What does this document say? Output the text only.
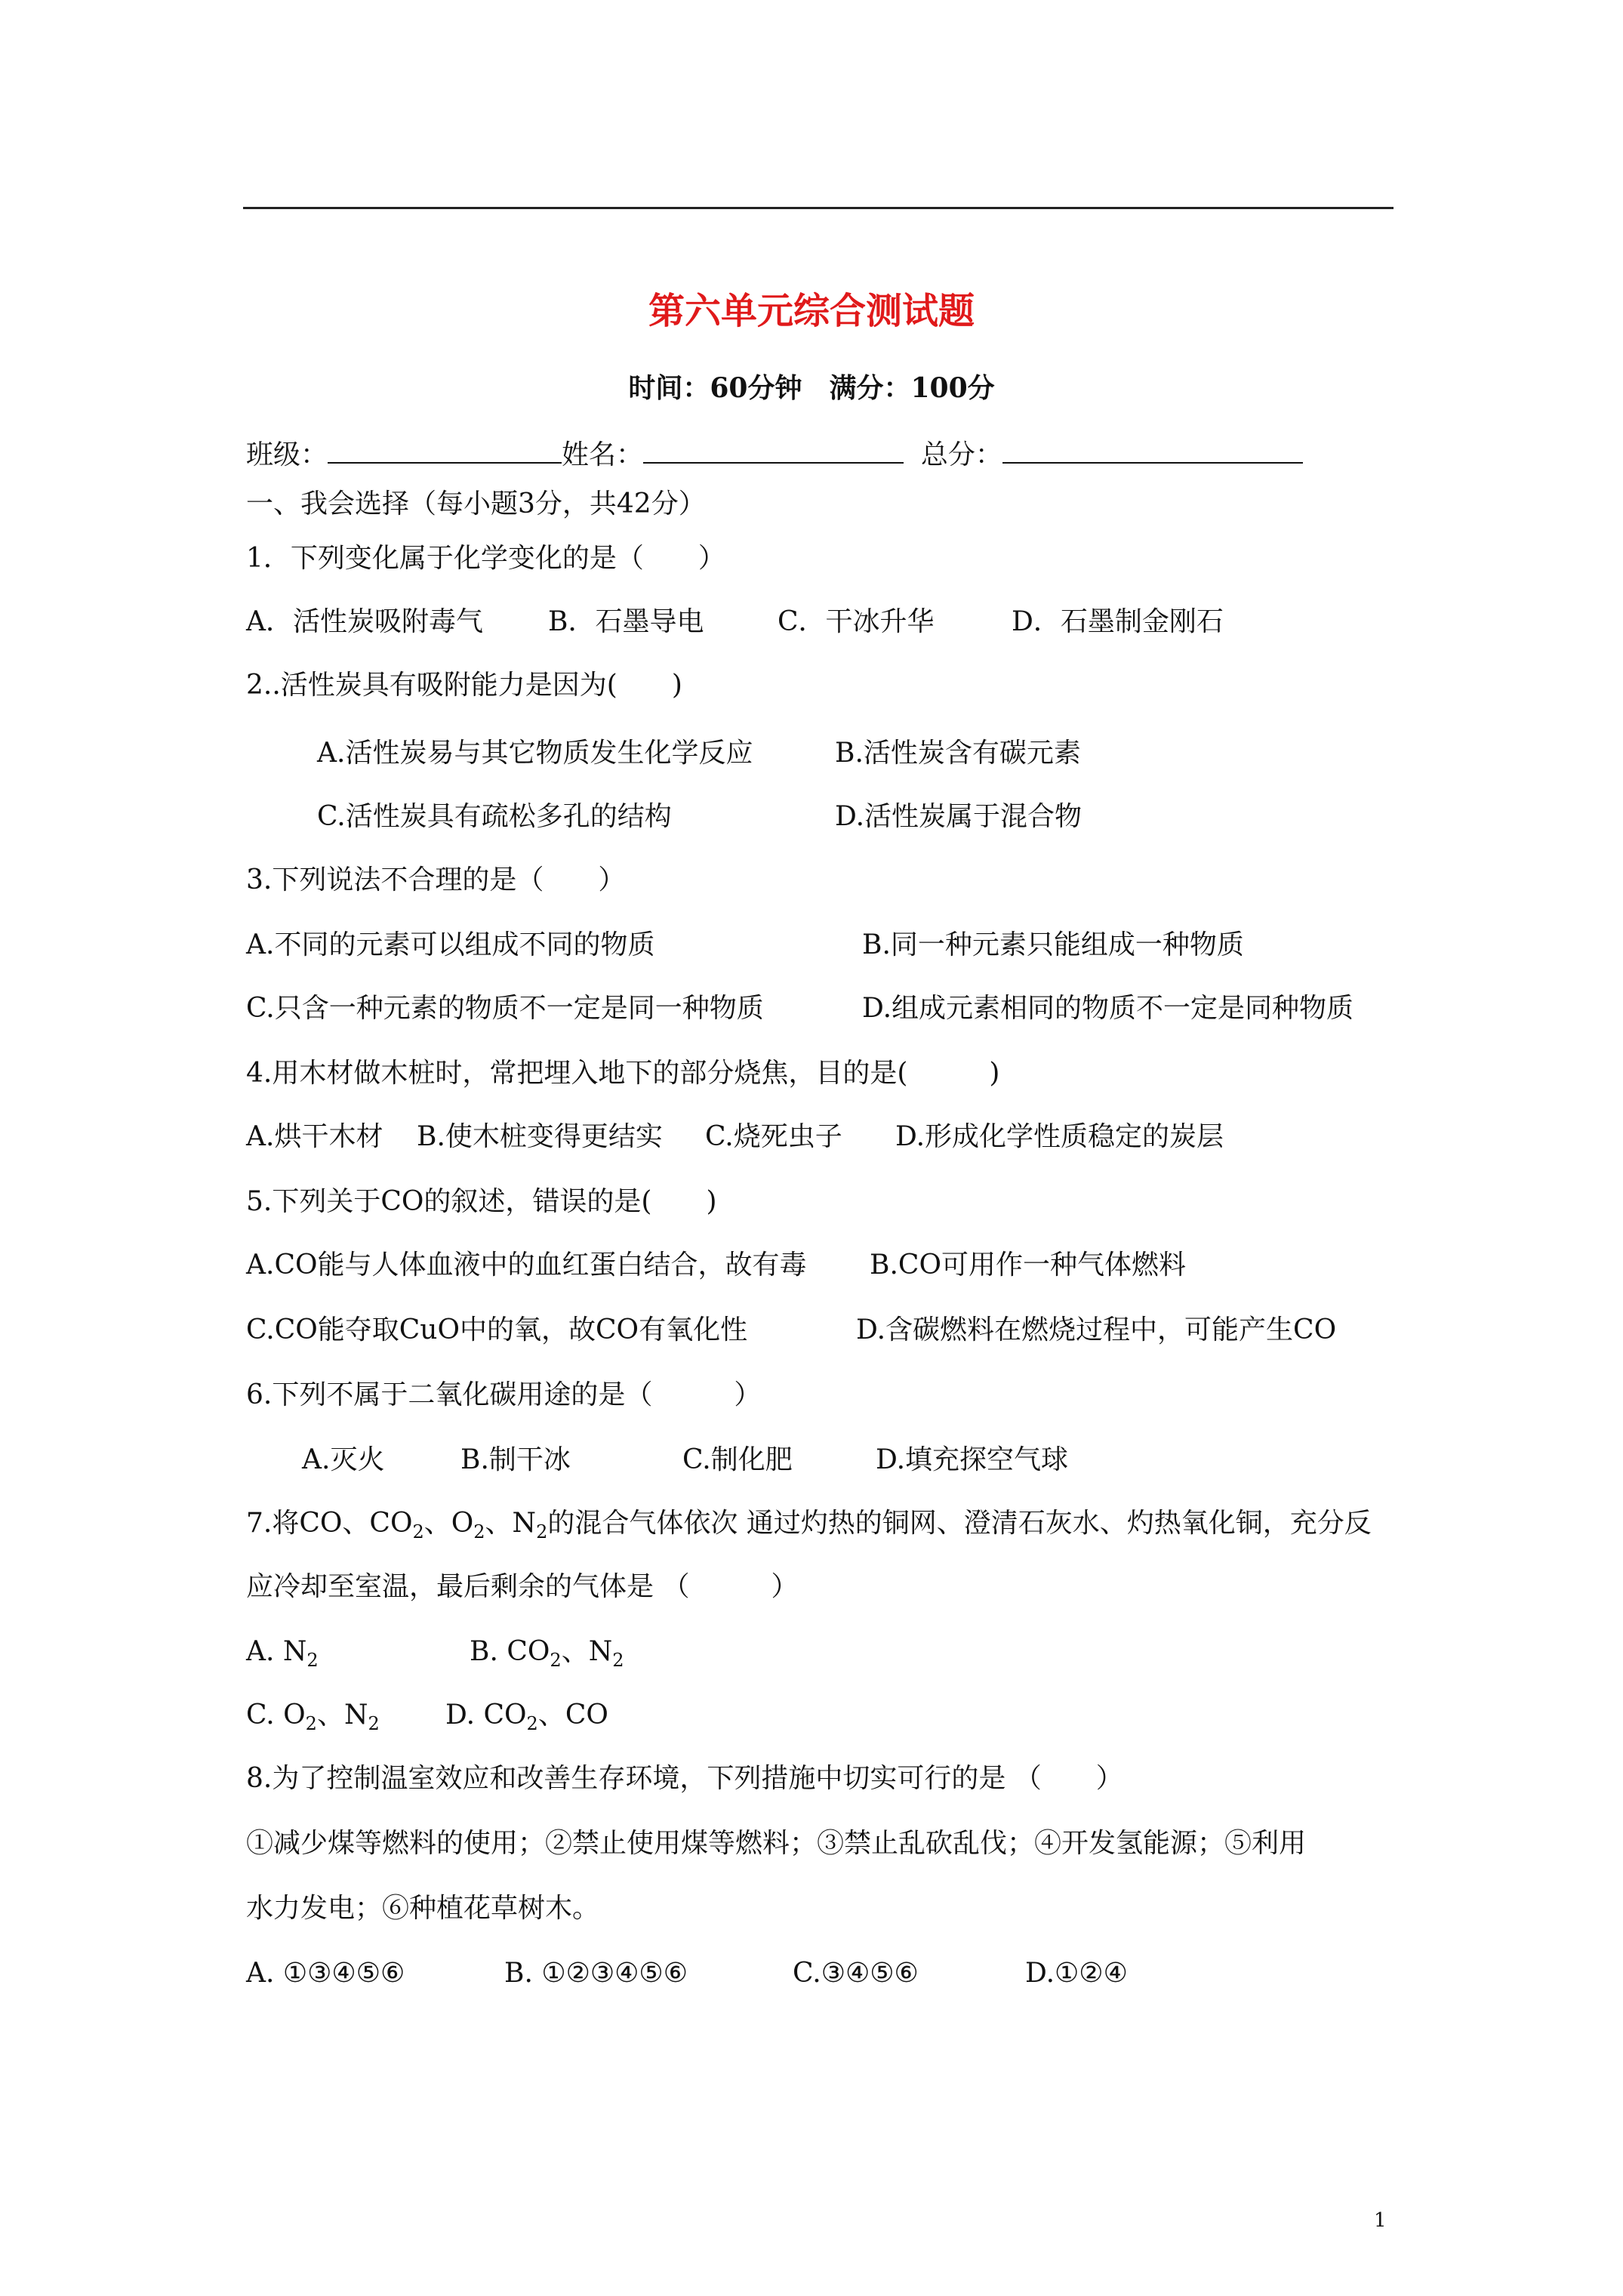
第六单元综合测试题
时间：60分钟　满分：100分
班级：	姓名：	总分：
一、我会选择（每小题3分，共42分）
1．下列变化属于化学变化的是（　　）
A．活性炭吸附毒气 B．石墨导电	C．干冰升华	D．石墨制金刚石
2..活性炭具有吸附能力是因为(　　)
A.活性炭易与其它物质发生化学反应	B.活性炭含有碳元素
C.活性炭具有疏松多孔的结构	D.活性炭属于混合物
3.下列说法不合理的是（　　）
A.不同的元素可以组成不同的物质	B.同一种元素只能组成一种物质
C.只含一种元素的物质不一定是同一种物质	D.组成元素相同的物质不一定是同种物质
4.用木材做木桩时，常把埋入地下的部分烧焦，目的是(　　　)
A.烘干木材 B.使木桩变得更结实 C.烧死虫子 D.形成化学性质稳定的炭层
5.下列关于CO的叙述，错误的是(　　)
A.CO能与人体血液中的血红蛋白结合，故有毒 B.CO可用作一种气体燃料
C.CO能夺取CuO中的氧，故CO有氧化性	D.含碳燃料在燃烧过程中，可能产生CO
6.下列不属于二氧化碳用途的是（　　　）
A.灭火	B.制干冰	C.制化肥	D.填充探空气球
7.将CO、$CO_2$、$O_2$、$N_2$的混合气体依次 通过灼热的铜网、澄清石灰水、灼热氧化铜，充分反
应冷却至室温，最后剩余的气体是 （　　　）
A. $N_2$	B. $CO_2$、$N_2$
C. $O_2$、$N_2$ D. $CO_2$、CO
8.为了控制温室效应和改善生存环境，下列措施中切实可行的是 （　　）
①减少煤等燃料的使用；②禁止使用煤等燃料；③禁止乱砍乱伐；④开发氢能源；⑤利用
水力发电；⑥种植花草树木。
A. ①③④⑤⑥	B. ①②③④⑤⑥	C.③④⑤⑥	D.①②④
1
